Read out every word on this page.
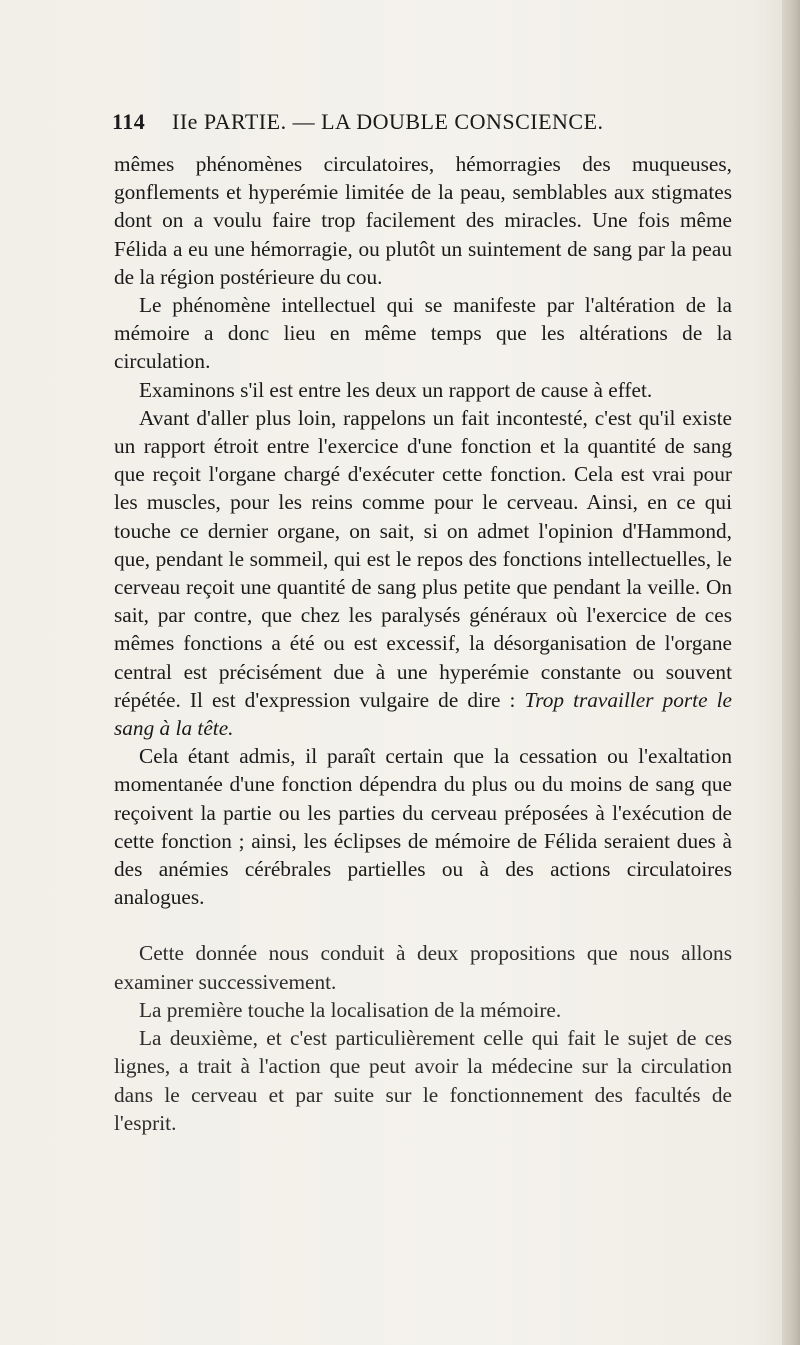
114 IIe PARTIE. — LA DOUBLE CONSCIENCE.

mêmes phénomènes circulatoires, hémorragies des muqueuses, gonflements et hyperémie limitée de la peau, semblables aux stigmates dont on a voulu faire trop facilement des miracles. Une fois même Félida a eu une hémorragie, ou plutôt un suintement de sang par la peau de la région postérieure du cou.

Le phénomène intellectuel qui se manifeste par l'altération de la mémoire a donc lieu en même temps que les altérations de la circulation.

Examinons s'il est entre les deux un rapport de cause à effet.

Avant d'aller plus loin, rappelons un fait incontesté, c'est qu'il existe un rapport étroit entre l'exercice d'une fonction et la quantité de sang que reçoit l'organe chargé d'exécuter cette fonction. Cela est vrai pour les muscles, pour les reins comme pour le cerveau. Ainsi, en ce qui touche ce dernier organe, on sait, si on admet l'opinion d'Hammond, que, pendant le sommeil, qui est le repos des fonctions intellectuelles, le cerveau reçoit une quantité de sang plus petite que pendant la veille. On sait, par contre, que chez les paralysés généraux où l'exercice de ces mêmes fonctions a été ou est excessif, la désorganisation de l'organe central est précisément due à une hyperémie constante ou souvent répétée. Il est d'expression vulgaire de dire : Trop travailler porte le sang à la tête.

Cela étant admis, il paraît certain que la cessation ou l'exaltation momentanée d'une fonction dépendra du plus ou du moins de sang que reçoivent la partie ou les parties du cerveau préposées à l'exécution de cette fonction ; ainsi, les éclipses de mémoire de Félida seraient dues à des anémies cérébrales partielles ou à des actions circulatoires analogues.

Cette donnée nous conduit à deux propositions que nous allons examiner successivement.

La première touche la localisation de la mémoire.

La deuxième, et c'est particulièrement celle qui fait le sujet de ces lignes, a trait à l'action que peut avoir la médecine sur la circulation dans le cerveau et par suite sur le fonctionnement des facultés de l'esprit.
